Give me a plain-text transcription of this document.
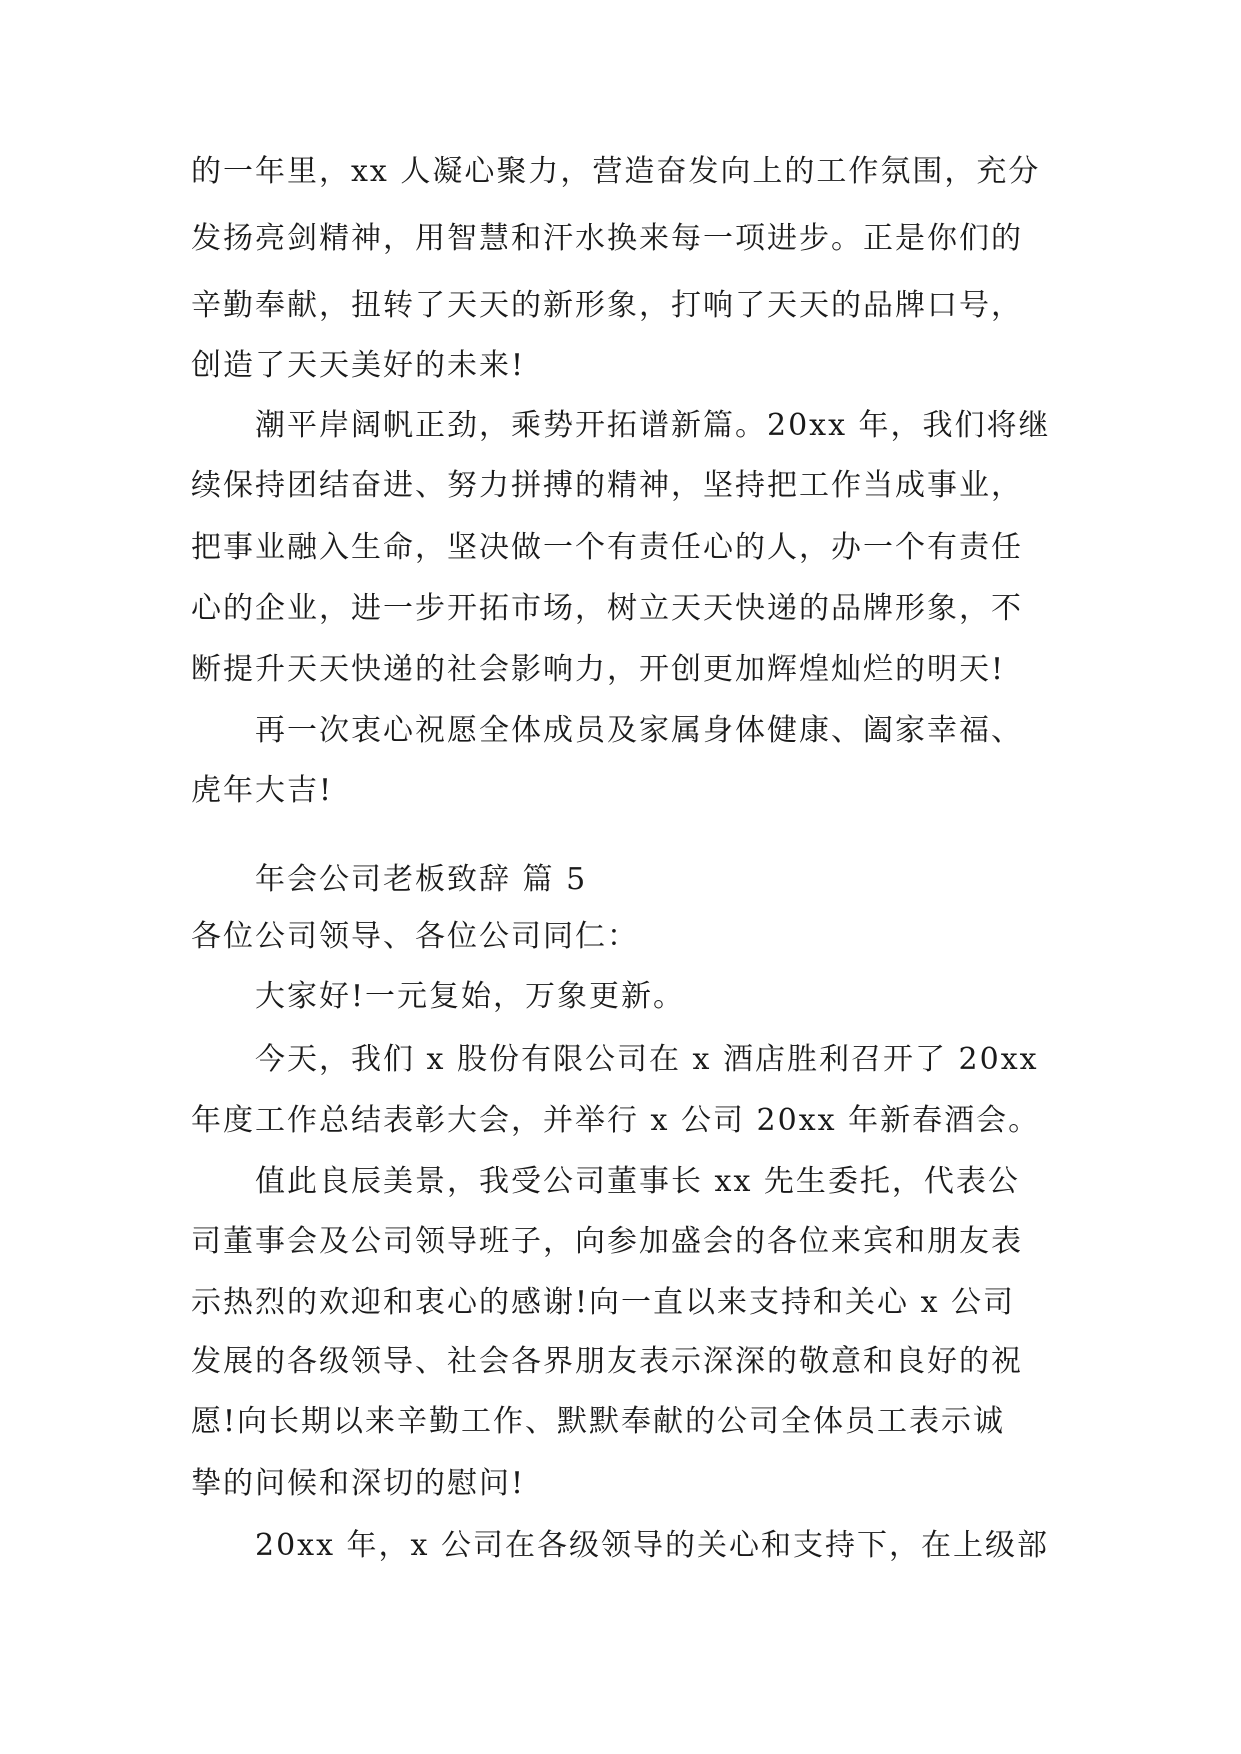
的一年里，xx 人凝心聚力，营造奋发向上的工作氛围，充分
发扬亮剑精神，用智慧和汗水换来每一项进步。正是你们的
辛勤奉献，扭转了天天的新形象，打响了天天的品牌口号，
创造了天天美好的未来!
潮平岸阔帆正劲，乘势开拓谱新篇。20xx 年，我们将继
续保持团结奋进、努力拼搏的精神，坚持把工作当成事业，
把事业融入生命，坚决做一个有责任心的人，办一个有责任
心的企业，进一步开拓市场，树立天天快递的品牌形象，不
断提升天天快递的社会影响力，开创更加辉煌灿烂的明天!
再一次衷心祝愿全体成员及家属身体健康、阖家幸福、
虎年大吉!
年会公司老板致辞 篇 5
各位公司领导、各位公司同仁：
大家好!一元复始，万象更新。
今天，我们 x 股份有限公司在 x 酒店胜利召开了 20xx
年度工作总结表彰大会，并举行 x 公司 20xx 年新春酒会。
值此良辰美景，我受公司董事长 xx 先生委托，代表公
司董事会及公司领导班子，向参加盛会的各位来宾和朋友表
示热烈的欢迎和衷心的感谢!向一直以来支持和关心 x 公司
发展的各级领导、社会各界朋友表示深深的敬意和良好的祝
愿!向长期以来辛勤工作、默默奉献的公司全体员工表示诚
挚的问候和深切的慰问!
20xx 年，x 公司在各级领导的关心和支持下，在上级部
